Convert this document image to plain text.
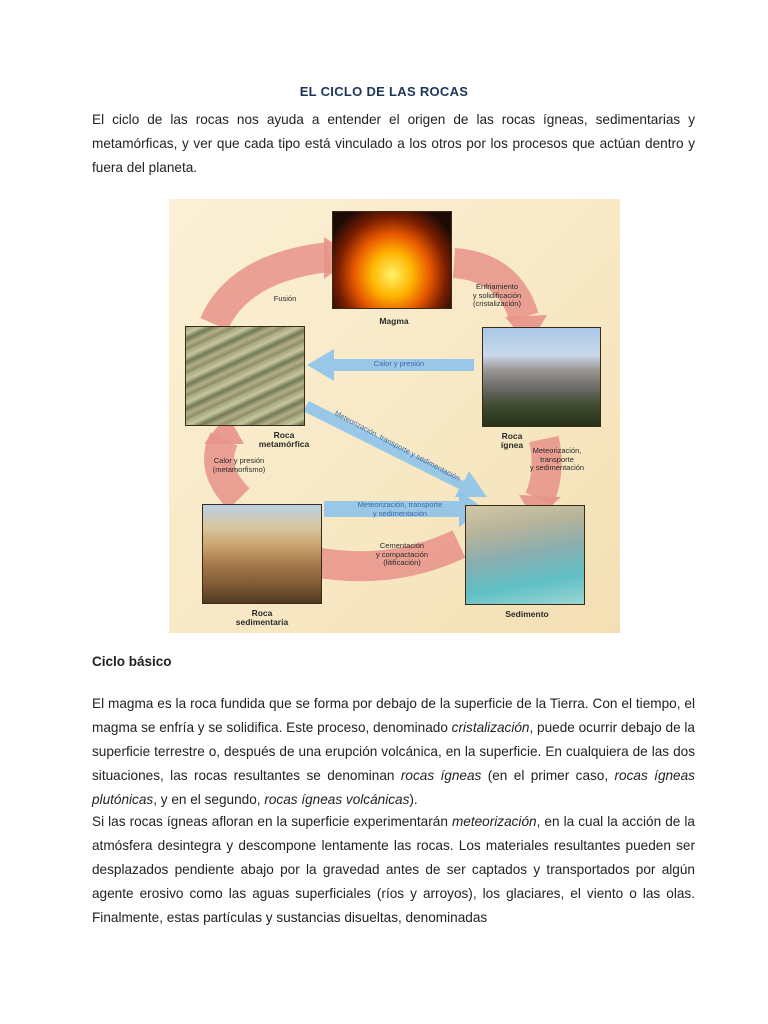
EL CICLO DE LAS ROCAS
El ciclo de las rocas nos ayuda a entender el origen de las rocas ígneas, sedimentarias y metamórficas, y ver que cada tipo está vinculado a los otros por los procesos que actúan dentro y fuera del planeta.
Magma
Roca
ígnea
Sedimento
Roca
sedimentaria
Roca
metamórfica
Fusión
Enfriamiento
y solidificación
(cristalización)
Meteorización,
transporte
y sedimentación
Cementación
y compactación
(litificación)
Calor y presión
(metamorfismo)
Calor y presión
Meteorización, transporte y sedimentación
Meteorización, transporte
y sedimentación
Ciclo básico
El magma es la roca fundida que se forma por debajo de la superficie de la Tierra. Con el tiempo, el magma se enfría y se solidifica. Este proceso, denominado cristalización, puede ocurrir debajo de la superficie terrestre o, después de una erupción volcánica, en la superficie. En cualquiera de las dos situaciones, las rocas resultantes se denominan rocas ígneas (en el primer caso, rocas ígneas plutónicas, y en el segundo, rocas ígneas volcánicas).
Si las rocas ígneas afloran en la superficie experimentarán meteorización, en la cual la acción de la atmósfera desintegra y descompone lentamente las rocas. Los materiales resultantes pueden ser desplazados pendiente abajo por la gravedad antes de ser captados y transportados por algún agente erosivo como las aguas superficiales (ríos y arroyos), los glaciares, el viento o las olas. Finalmente, estas partículas y sustancias disueltas, denominadas
